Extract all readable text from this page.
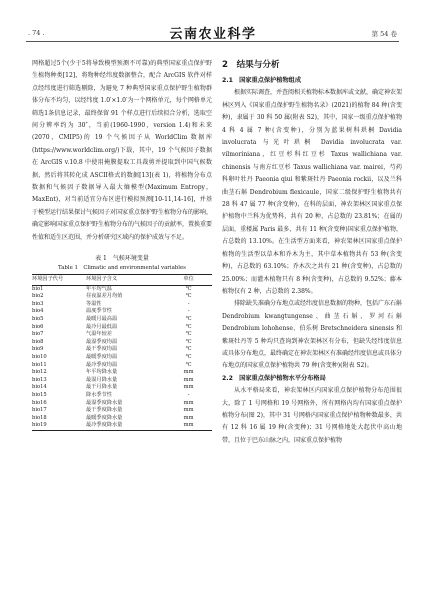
. 74 .	云南农业科学	第 54 卷

网格超过5个(少于5将导致模型预测不可靠)的典型国家重点保护野生植物种类[12]，将物种经纬度数据整合，配合 ArcGIS 软件对样点经纬度进行筛选剔除，为避免 7 种典型国家重点保护野生植物群体分布不均匀，以经纬度 1.0′×1.0′为一个网格单元，每个网格单元筛选1条信息记录，最终保留 91 个样点进行后续拟合分析，选取空间分辨率约为 30″，当前(1960-1990，version 1.4)和未来(2070，CMIP5)的 19 个气候因子从 WorldClim 数据库(https://www.worldclim.org/)下载，其中，19 个气候因子数据在 ArcGIS v.10.8 中使用掩膜提取工具裁剪并提取到中国气候数据，然后将其转化成 ASCII格式的数据[13](表 1)，将植物分布点数据和气候因子数据导入最大熵模型(Maximum Entropy，MaxEnt)，对当前适宜分布区进行模拟预测[10-11,14-16]，并基于模型运行结果探讨气候因子对国家重点保护野生植物分布的影响，确定影响国家重点保护野生植物分布的气候因子的贡献率，置换重要性值和适生区范围，并分析研究区域内的保护成效与不足。

表 1　气候环境变量
Table 1　Climatic and environmental variables
环境因子代号	环境因子含义	单位
bio1	年平均气温	℃
bio2	昼夜温差月均值	℃
bio3	等温性	-
bio4	温度季节性	-
bio5	最暖月最高温	℃
bio6	最冷月最低温	℃
bio7	气温年较差	℃
bio8	最湿季度均温	℃
bio9	最干季度均温	℃
bio10	最暖季度均温	℃
bio11	最冷季度均温	℃
bio12	年平均降水量	mm
bio13	最湿月降水量	mm
bio14	最干月降水量	mm
bio15	降水季节性	-
bio16	最湿季度降水量	mm
bio17	最干季度降水量	mm
bio18	最暖季度降水量	mm
bio19	最冷季度降水量	mm
2　结果与分析
2.1　国家重点保护植物组成

根据实际调查，并查阅相关植物标本数据库或文献，确定神农架林区列入《国家重点保护野生植物名录》(2021)的植物 84 种(含变种)，隶属于 30 科 50 属(附表 S2)，其中，国家一级重点保护植物 4 科 4 属 7 种(含变种)，分别为蓝果树科珙桐 Davidia involucrata 与光叶珙桐 Davidia involucrata var. vilmoriniana，红豆杉科红豆杉 Taxus wallichiana var. chinensis 与南方红豆杉 Taxus wallichiana var. mairei，芍药科卵叶牡丹 Paeonia qiui 和紫斑牡丹 Paeonia rockii，以及兰科曲茎石斛 Dendrobium flexicaule，国家二级保护野生植物共有 28 科 47 属 77 种(含变种)，在科的层面，神农架林区国家重点保护植物中兰科为优势科，共有 20 种，占总数的 23.81%；在属的层面，重楼属 Paris 最多，共有 11 种(含变种)国家重点保护植物，占总数的 13.10%。在生活型方面来看，神农架林区国家重点保护植物的生活型以草本和乔木为主，其中草本植物共有 53 种(含变种)，占总数的 63.10%；乔木次之共有 21 种(含变种)，占总数的 25.00%；而灌木植物只有 8 种(含变种)，占总数的 9.52%；藤本植物仅有 2 种，占总数的 2.38%。

排除缺失准确分布地点或经纬度信息数据的物种，包括广东石斛 Dendrobium kwangtungense、曲茎石斛、罗河石斛 Dendrobium lohohense、伯乐树 Bretschneidera sinensis 和紫斑牡丹等 5 种均只查询到神农架林区有分布，但缺失经纬度信息或具体分布地点，最终确定在神农架林区有准确经纬度信息或具体分布地点的国家重点保护植物共 79 种(含变种)(附表 S2)。

2.2　国家重点保护植物水平分布格局

从水平格局来看，神农架林区内国家重点保护植物分布范围很大，除了 1 号网格和 19 号网格外，所有网格内均有国家重点保护植物分布(图 2)，其中 31 号网格内国家重点保护植物种数最多，共有 12 科 16 属 19 种(含变种)；31 号网格地处大起伏中高山地带，且位于巴东山脉之内，国家重点保护植物
